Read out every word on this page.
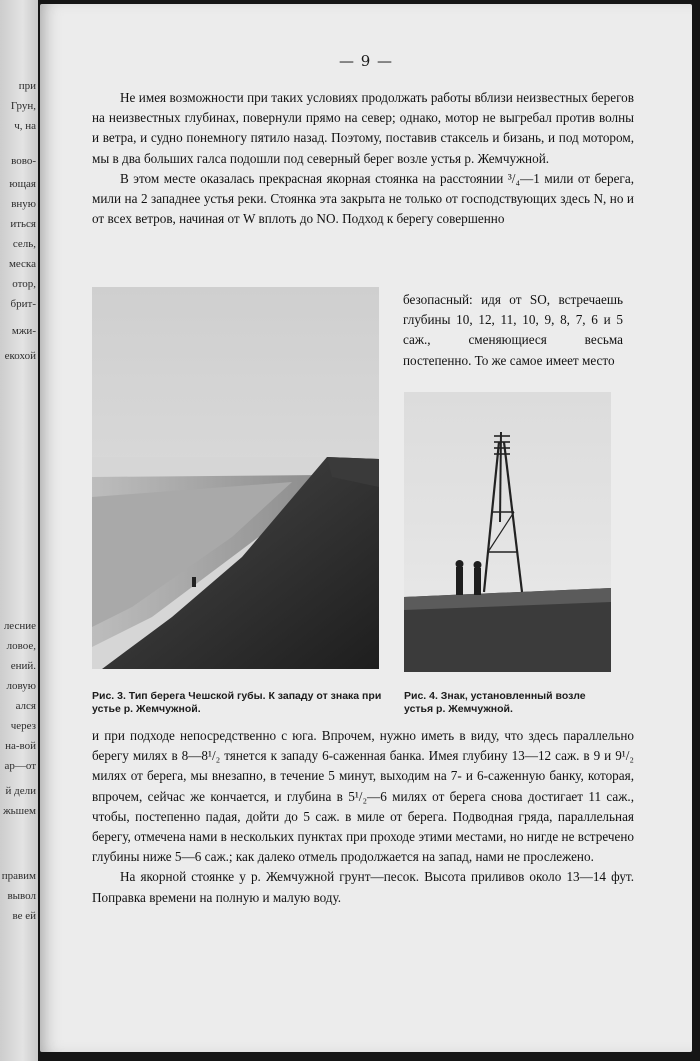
при
Грун,
ч, на
вово-
ющая
вную
иться
сель,
меска
отор,
брит-
мжи-
екохой
лесние
ловое,
ений.
ловую
ался
через
на-вой
ар—от
й дели
жьшем
правим
вывол
ве ей
— 9 —

Не имея возможности при таких условиях продолжать работы вблизи неизвестных берегов на неизвестных глубинах, повернули прямо на север; однако, мотор не выгребал против волны и ветра, и судно понемногу пятило назад. Поэтому, поставив стаксель и бизань, и под мотором, мы в два больших галса подошли под северный берег возле устья р. Жемчужной.

В этом месте оказалась прекрасная якорная стоянка на расстоянии ³/₄—1 мили от берега, мили на 2 западнее устья реки. Стоянка эта закрыта не только от господствующих здесь N, но и от всех ветров, начиная от W вплоть до NO. Подход к берегу совершенно

безопасный: идя от SO, встречаешь глубины 10, 12, 11, 10, 9, 8, 7, 6 и 5 саж., сменяющиеся весьма постепенно. То же самое имеет место

Рис. 3. Тип берега Чешской губы. К западу от знака при устье р. Жемчужной.
Рис. 4. Знак, установленный возле устья р. Жемчужной.

и при подходе непосредственно с юга. Впрочем, нужно иметь в виду, что здесь параллельно берегу милях в 8—8¹/₂ тянется к западу 6-саженная банка. Имея глубину 13—12 саж. в 9 и 9¹/₂ милях от берега, мы внезапно, в течение 5 минут, выходим на 7- и 6-саженную банку, которая, впрочем, сейчас же кончается, и глубина в 5¹/₂—6 милях от берега снова достигает 11 саж., чтобы, постепенно падая, дойти до 5 саж. в миле от берега. Подводная гряда, параллельная берегу, отмечена нами в нескольких пунктах при проходе этими местами, но нигде не встречено глубины ниже 5—6 саж.; как далеко отмель продолжается на запад, нами не прослежено.

На якорной стоянке у р. Жемчужной грунт—песок. Высота приливов около 13—14 фут. Поправка времени на полную и малую воду.
